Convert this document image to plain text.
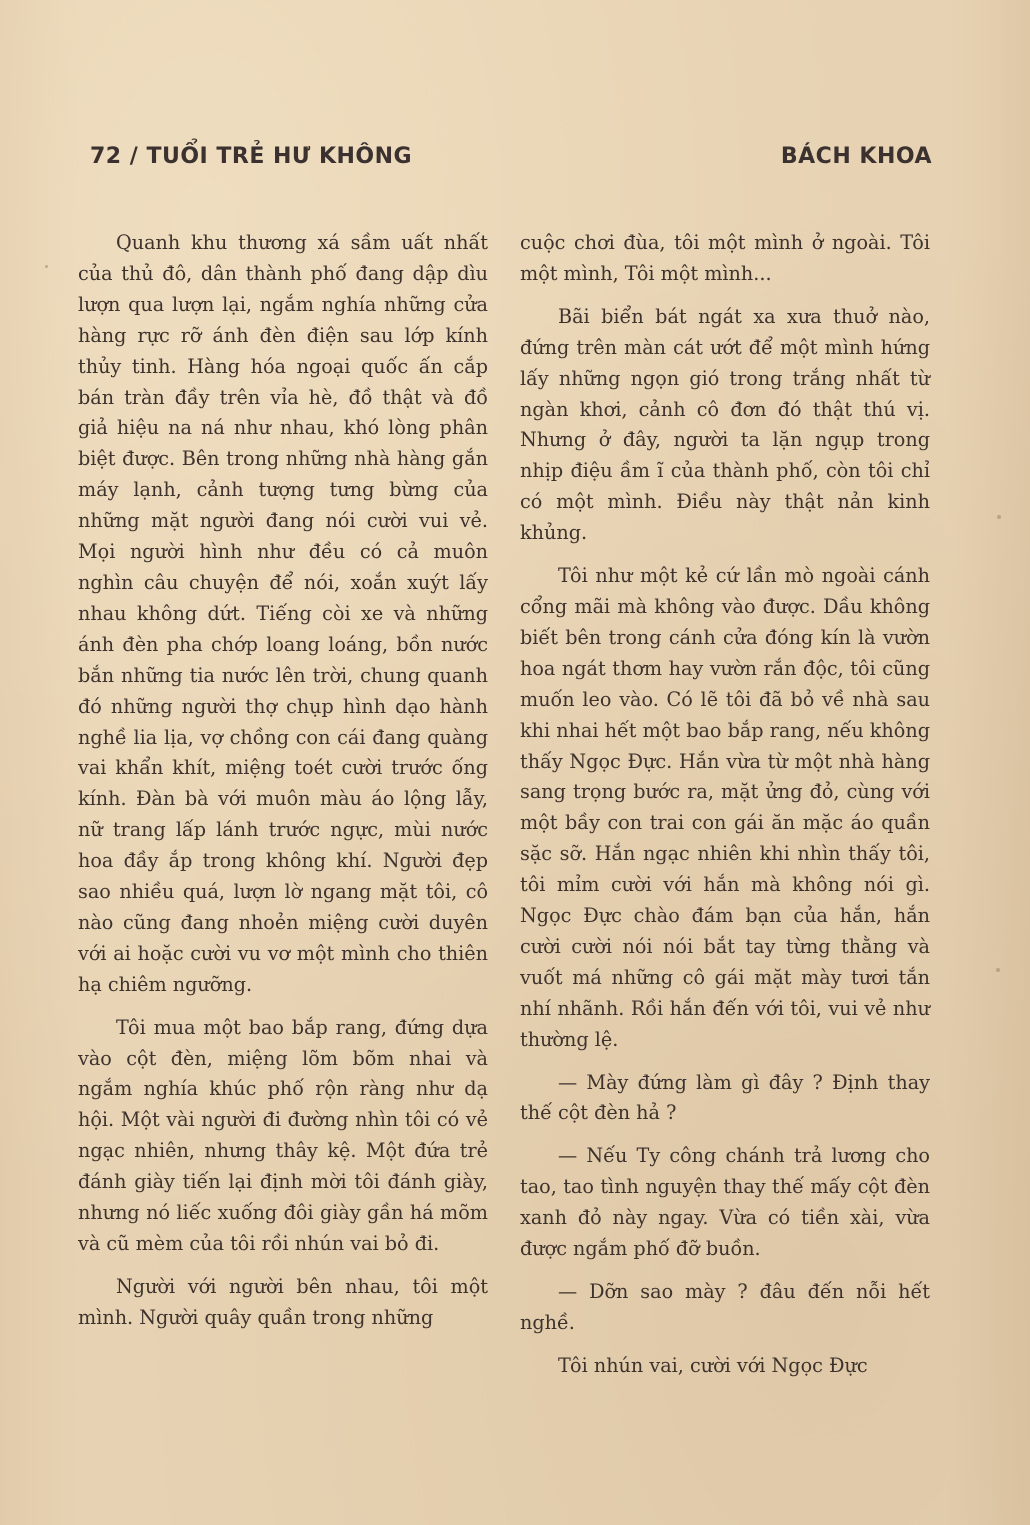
72 / TUỔI TRẺ HƯ KHÔNG	BÁCH KHOA

Quanh khu thương xá sầm uất nhất của thủ đô, dân thành phố đang dập dìu lượn qua lượn lại, ngắm nghía những cửa hàng rực rỡ ánh đèn điện sau lớp kính thủy tinh. Hàng hóa ngoại quốc ấn cắp bán tràn đầy trên vỉa hè, đồ thật và đồ giả hiệu na ná như nhau, khó lòng phân biệt được. Bên trong những nhà hàng gắn máy lạnh, cảnh tượng tưng bừng của những mặt người đang nói cười vui vẻ. Mọi người hình như đều có cả muôn nghìn câu chuyện để nói, xoắn xuýt lấy nhau không dứt. Tiếng còi xe và những ánh đèn pha chớp loang loáng, bồn nước bắn những tia nước lên trời, chung quanh đó những người thợ chụp hình dạo hành nghề lia lịa, vợ chồng con cái đang quàng vai khẩn khít, miệng toét cười trước ống kính. Đàn bà với muôn màu áo lộng lẫy, nữ trang lấp lánh trước ngực, mùi nước hoa đầy ắp trong không khí. Người đẹp sao nhiều quá, lượn lờ ngang mặt tôi, cô nào cũng đang nhoẻn miệng cười duyên với ai hoặc cười vu vơ một mình cho thiên hạ chiêm ngưỡng.

Tôi mua một bao bắp rang, đứng dựa vào cột đèn, miệng lõm bõm nhai và ngắm nghía khúc phố rộn ràng như dạ hội. Một vài người đi đường nhìn tôi có vẻ ngạc nhiên, nhưng thây kệ. Một đứa trẻ đánh giày tiến lại định mời tôi đánh giày, nhưng nó liếc xuống đôi giày gần há mõm và cũ mèm của tôi rồi nhún vai bỏ đi.

Người với người bên nhau, tôi một mình. Người quây quần trong những

cuộc chơi đùa, tôi một mình ở ngoài. Tôi một mình, Tôi một mình...

Bãi biển bát ngát xa xưa thuở nào, đứng trên màn cát ướt để một mình hứng lấy những ngọn gió trong trắng nhất từ ngàn khơi, cảnh cô đơn đó thật thú vị. Nhưng ở đây, người ta lặn ngụp trong nhịp điệu ầm ĩ của thành phố, còn tôi chỉ có một mình. Điều này thật nản kinh khủng.

Tôi như một kẻ cứ lần mò ngoài cánh cổng mãi mà không vào được. Dầu không biết bên trong cánh cửa đóng kín là vườn hoa ngát thơm hay vườn rắn độc, tôi cũng muốn leo vào. Có lẽ tôi đã bỏ về nhà sau khi nhai hết một bao bắp rang, nếu không thấy Ngọc Đực. Hắn vừa từ một nhà hàng sang trọng bước ra, mặt ửng đỏ, cùng với một bầy con trai con gái ăn mặc áo quần sặc sỡ. Hắn ngạc nhiên khi nhìn thấy tôi, tôi mỉm cười với hắn mà không nói gì. Ngọc Đực chào đám bạn của hắn, hắn cười cười nói nói bắt tay từng thằng và vuốt má những cô gái mặt mày tươi tắn nhí nhãnh. Rồi hắn đến với tôi, vui vẻ như thường lệ.

— Mày đứng làm gì đây ? Định thay thế cột đèn hả ?

— Nếu Ty công chánh trả lương cho tao, tao tình nguyện thay thế mấy cột đèn xanh đỏ này ngay. Vừa có tiền xài, vừa được ngắm phố đỡ buồn.

— Dỡn sao mày ? đâu đến nỗi hết nghề.

Tôi nhún vai, cười với Ngọc Đực
